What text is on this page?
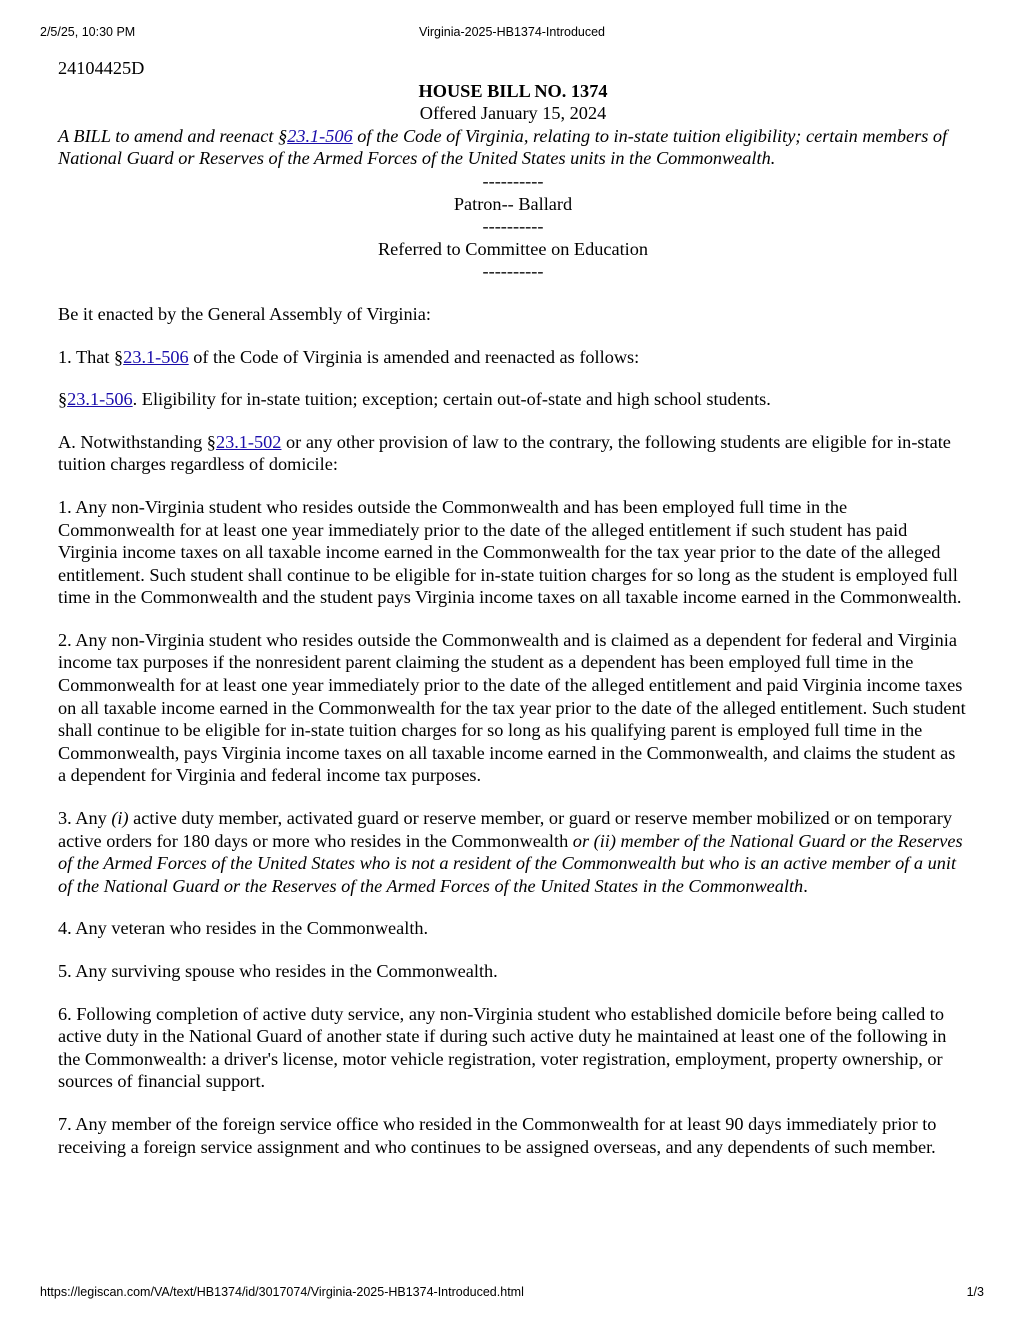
2/5/25, 10:30 PM	Virginia-2025-HB1374-Introduced

24104425D

HOUSE BILL NO. 1374

Offered January 15, 2024

A BILL to amend and reenact §23.1-506 of the Code of Virginia, relating to in-state tuition eligibility; certain members of National Guard or Reserves of the Armed Forces of the United States units in the Commonwealth.

----------

Patron-- Ballard

----------

Referred to Committee on Education

----------

Be it enacted by the General Assembly of Virginia:

1. That §23.1-506 of the Code of Virginia is amended and reenacted as follows:

§23.1-506. Eligibility for in-state tuition; exception; certain out-of-state and high school students.

A. Notwithstanding §23.1-502 or any other provision of law to the contrary, the following students are eligible for in-state tuition charges regardless of domicile:

1. Any non-Virginia student who resides outside the Commonwealth and has been employed full time in the Commonwealth for at least one year immediately prior to the date of the alleged entitlement if such student has paid Virginia income taxes on all taxable income earned in the Commonwealth for the tax year prior to the date of the alleged entitlement. Such student shall continue to be eligible for in-state tuition charges for so long as the student is employed full time in the Commonwealth and the student pays Virginia income taxes on all taxable income earned in the Commonwealth.

2. Any non-Virginia student who resides outside the Commonwealth and is claimed as a dependent for federal and Virginia income tax purposes if the nonresident parent claiming the student as a dependent has been employed full time in the Commonwealth for at least one year immediately prior to the date of the alleged entitlement and paid Virginia income taxes on all taxable income earned in the Commonwealth for the tax year prior to the date of the alleged entitlement. Such student shall continue to be eligible for in-state tuition charges for so long as his qualifying parent is employed full time in the Commonwealth, pays Virginia income taxes on all taxable income earned in the Commonwealth, and claims the student as a dependent for Virginia and federal income tax purposes.

3. Any (i) active duty member, activated guard or reserve member, or guard or reserve member mobilized or on temporary active orders for 180 days or more who resides in the Commonwealth or (ii) member of the National Guard or the Reserves of the Armed Forces of the United States who is not a resident of the Commonwealth but who is an active member of a unit of the National Guard or the Reserves of the Armed Forces of the United States in the Commonwealth.

4. Any veteran who resides in the Commonwealth.

5. Any surviving spouse who resides in the Commonwealth.

6. Following completion of active duty service, any non-Virginia student who established domicile before being called to active duty in the National Guard of another state if during such active duty he maintained at least one of the following in the Commonwealth: a driver's license, motor vehicle registration, voter registration, employment, property ownership, or sources of financial support.

7. Any member of the foreign service office who resided in the Commonwealth for at least 90 days immediately prior to receiving a foreign service assignment and who continues to be assigned overseas, and any dependents of such member.

https://legiscan.com/VA/text/HB1374/id/3017074/Virginia-2025-HB1374-Introduced.html	1/3
